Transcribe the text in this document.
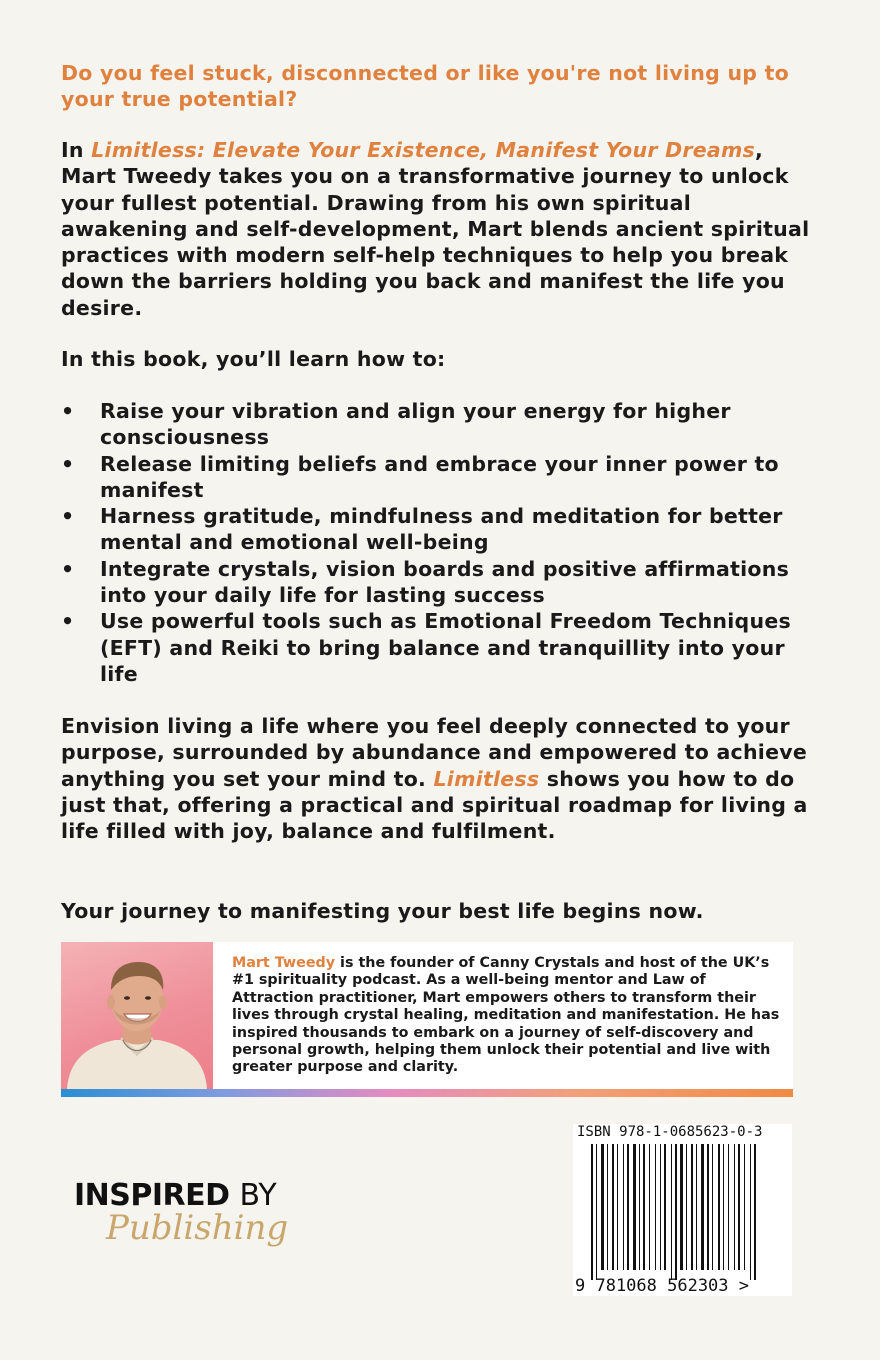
Do you feel stuck, disconnected or like you're not living up to your true potential?

In Limitless: Elevate Your Existence, Manifest Your Dreams, Mart Tweedy takes you on a transformative journey to unlock your fullest potential. Drawing from his own spiritual awakening and self-development, Mart blends ancient spiritual practices with modern self-help techniques to help you break down the barriers holding you back and manifest the life you desire.

In this book, you’ll learn how to:

• Raise your vibration and align your energy for higher consciousness
• Release limiting beliefs and embrace your inner power to manifest
• Harness gratitude, mindfulness and meditation for better mental and emotional well-being
• Integrate crystals, vision boards and positive affirmations into your daily life for lasting success
• Use powerful tools such as Emotional Freedom Techniques (EFT) and Reiki to bring balance and tranquillity into your life

Envision living a life where you feel deeply connected to your purpose, surrounded by abundance and empowered to achieve anything you set your mind to. Limitless shows you how to do just that, offering a practical and spiritual roadmap for living a life filled with joy, balance and fulfilment.

Your journey to manifesting your best life begins now.

Mart Tweedy is the founder of Canny Crystals and host of the UK’s #1 spirituality podcast. As a well-being mentor and Law of Attraction practitioner, Mart empowers others to transform their lives through crystal healing, meditation and manifestation. He has inspired thousands to embark on a journey of self-discovery and personal growth, helping them unlock their potential and live with greater purpose and clarity.

INSPIRED BY
Publishing
ISBN 978-1-0685623-0-3
9 781068 562303 >
